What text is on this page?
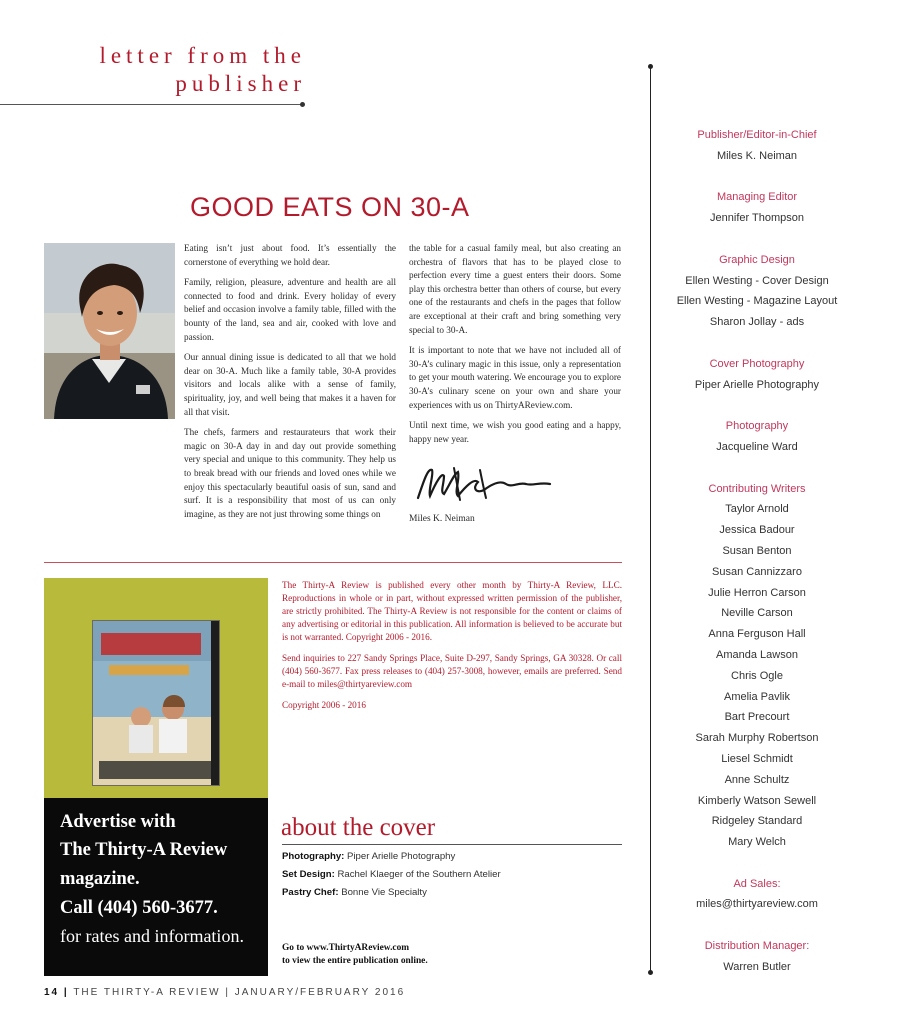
letter from the
publisher
GOOD EATS ON 30-A

Eating isn’t just about food. It’s essentially the cornerstone of everything we hold dear.

Family, religion, pleasure, adventure and health are all connected to food and drink. Every holiday of every belief and occasion involve a family table, filled with the bounty of the land, sea and air, cooked with love and passion.

Our annual dining issue is dedicated to all that we hold dear on 30-A. Much like a family table, 30-A provides visitors and locals alike with a sense of family, spirituality, joy, and well being that makes it a haven for all that visit.

The chefs, farmers and restaurateurs that work their magic on 30-A day in and day out provide something very special and unique to this community. They help us to break bread with our friends and loved ones while we enjoy this spectacularly beautiful oasis of sun, sand and surf. It is a responsibility that most of us can only imagine, as they are not just throwing some things on

the table for a casual family meal, but also creating an orchestra of flavors that has to be played close to perfection every time a guest enters their doors. Some play this orchestra better than others of course, but every one of the restaurants and chefs in the pages that follow are exceptional at their craft and bring something very special to 30-A.

It is important to note that we have not included all of 30-A’s culinary magic in this issue, only a representation to get your mouth watering. We encourage you to explore 30-A’s culinary scene on your own and share your experiences with us on ThirtyAReview.com.

Until next time, we wish you good eating and a happy, happy new year.

Miles K. Neiman
Advertise with
The Thirty-A Review
magazine.
Call (404) 560-3677.
for rates and information.

The Thirty-A Review is published every other month by Thirty-A Review, LLC. Reproductions in whole or in part, without expressed written permission of the publisher, are strictly prohibited. The Thirty-A Review is not responsible for the content or claims of any advertising or editorial in this publication. All information is believed to be accurate but is not warranted. Copyright 2006 - 2016.

Send inquiries to 227 Sandy Springs Place, Suite D-297, Sandy Springs, GA 30328. Or call (404) 560-3677. Fax press releases to (404) 257-3008, however, emails are preferred. Send e-mail to miles@thirtyareview.com

Copyright 2006 - 2016

about the cover
Photography: Piper Arielle Photography
Set Design: Rachel Klaeger of the Southern Atelier
Pastry Chef: Bonne Vie Specialty
Go to www.ThirtyAReview.com
to view the entire publication online.
14 | THE THIRTY-A REVIEW | JANUARY/FEBRUARY 2016
Publisher/Editor-in-Chief
Miles K. Neiman
Managing Editor
Jennifer Thompson
Graphic Design
Ellen Westing - Cover Design
Ellen Westing - Magazine Layout
Sharon Jollay - ads
Cover Photography
Piper Arielle Photography
Photography
Jacqueline Ward
Contributing Writers
Taylor Arnold
Jessica Badour
Susan Benton
Susan Cannizzaro
Julie Herron Carson
Neville Carson
Anna Ferguson Hall
Amanda Lawson
Chris Ogle
Amelia Pavlik
Bart Precourt
Sarah Murphy Robertson
Liesel Schmidt
Anne Schultz
Kimberly Watson Sewell
Ridgeley Standard
Mary Welch
Ad Sales:
miles@thirtyareview.com
Distribution Manager:
Warren Butler
